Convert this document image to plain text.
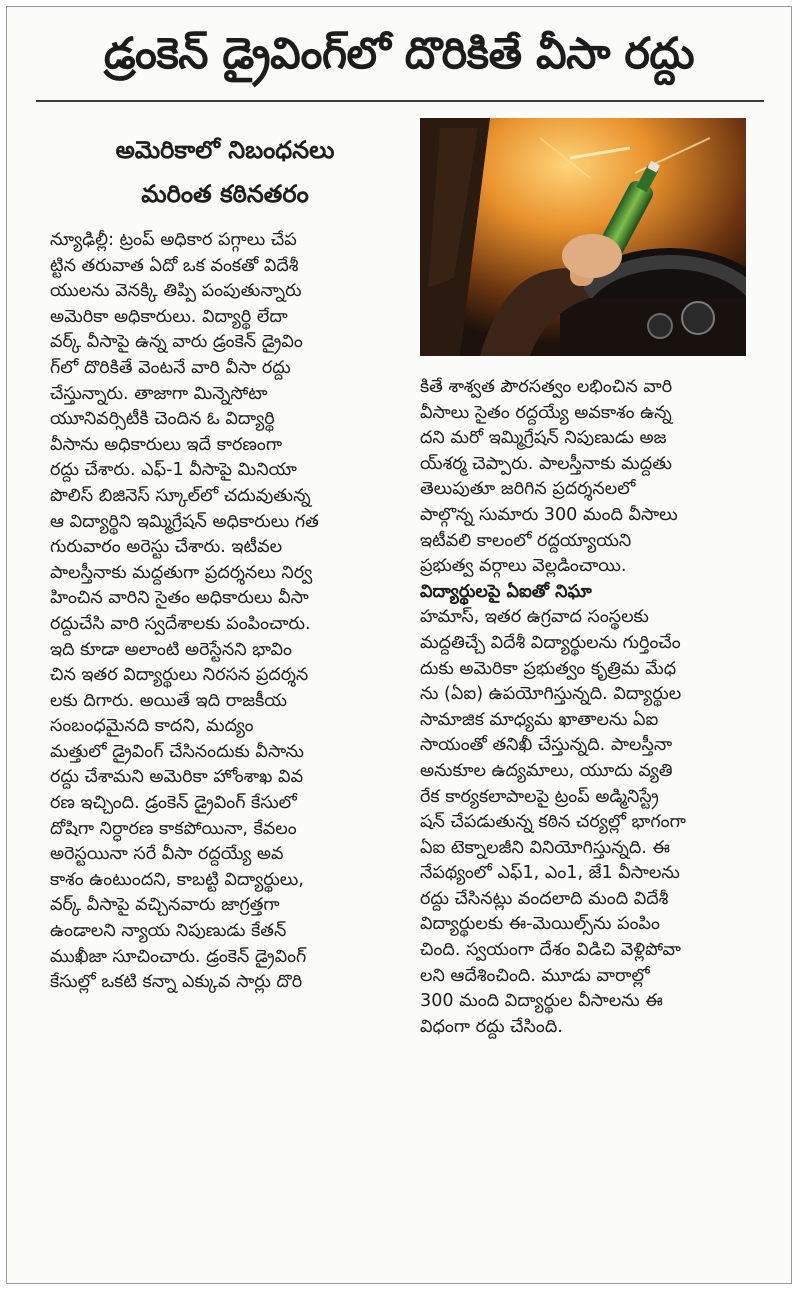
డ్రంకెన్ డ్రైవింగ్‌లో దొరికితే వీసా రద్దు
అమెరికాలో నిబంధనలు
మరింత కఠినతరం
న్యూఢిల్లీ: ట్రంప్ అధికార పగ్గాలు చేప
ట్టిన తరువాత ఏదో ఒక వంకతో విదేశీ
యులను వెనక్కి తిప్పి పంపుతున్నారు
అమెరికా అధికారులు. విద్యార్థి లేదా
వర్క్ వీసాపై ఉన్న వారు డ్రంకెన్ డ్రైవిం
గ్‌లో దొరికితే వెంటనే వారి వీసా రద్దు
చేస్తున్నారు. తాజాగా మిన్నెసోటా
యూనివర్సిటీకి చెందిన ఓ విద్యార్థి
వీసాను అధికారులు ఇదే కారణంగా
రద్దు చేశారు. ఎఫ్-1 వీసాపై మినియా
పొలిస్ బిజినెస్ స్కూల్‌లో చదువుతున్న
ఆ విద్యార్థిని ఇమ్మిగ్రేషన్ అధికారులు గత
గురువారం అరెస్టు చేశారు. ఇటీవల
పాలస్తీనాకు మద్దతుగా ప్రదర్శనలు నిర్వ
హించిన వారిని సైతం అధికారులు వీసా
రద్దుచేసి వారి స్వదేశాలకు పంపించారు.
ఇది కూడా అలాంటి అరెస్టేనని భావిం
చిన ఇతర విద్యార్థులు నిరసన ప్రదర్శన
లకు దిగారు. అయితే ఇది రాజకీయ
సంబంధమైనది కాదని, మద్యం
మత్తులో డ్రైవింగ్ చేసినందుకు వీసాను
రద్దు చేశామని అమెరికా హోంశాఖ వివ
రణ ఇచ్చింది. డ్రంకెన్ డ్రైవింగ్ కేసులో
దోషిగా నిర్ధారణ కాకపోయినా, కేవలం
అరెస్టయినా సరే వీసా రద్దయ్యే అవ
కాశం ఉంటుందని, కాబట్టి విద్యార్థులు,
వర్క్ వీసాపై వచ్చినవారు జాగ్రత్తగా
ఉండాలని న్యాయ నిపుణుడు కేతన్
ముఖీజా సూచించారు. డ్రంకెన్ డ్రైవింగ్
కేసుల్లో ఒకటి కన్నా ఎక్కువ సార్లు దొరి
కితే శాశ్వత పౌరసత్వం లభించిన వారి
వీసాలు సైతం రద్దయ్యే అవకాశం ఉన్న
దని మరో ఇమ్మిగ్రేషన్ నిపుణుడు అజ
య్‌శర్మ చెప్పారు. పాలస్తీనాకు మద్దతు
తెలుపుతూ జరిగిన ప్రదర్శనలలో
పాల్గొన్న సుమారు 300 మంది వీసాలు
ఇటీవలి కాలంలో రద్దయ్యాయని
ప్రభుత్వ వర్గాలు వెల్లడించాయి.
విద్యార్థులపై ఏఐతో నిఘా
హమాస్, ఇతర ఉగ్రవాద సంస్థలకు
మద్దతిచ్చే విదేశీ విద్యార్థులను గుర్తించేం
దుకు అమెరికా ప్రభుత్వం కృత్రిమ మేధ
ను (ఏఐ) ఉపయోగిస్తున్నది. విద్యార్థుల
సామాజిక మాధ్యమ ఖాతాలను ఏఐ
సాయంతో తనిఖీ చేస్తున్నది. పాలస్తీనా
అనుకూల ఉద్యమాలు, యూదు వ్యతి
రేక కార్యకలాపాలపై ట్రంప్ అడ్మినిస్ట్రే
షన్ చేపడుతున్న కఠిన చర్యల్లో భాగంగా
ఏఐ టెక్నాలజీని వినియోగిస్తున్నది. ఈ
నేపథ్యంలో ఎఫ్1, ఎం1, జే1 వీసాలను
రద్దు చేసినట్లు వందలాది మంది విదేశీ
విద్యార్థులకు ఈ-మెయిల్స్‌ను పంపిం
చింది. స్వయంగా దేశం విడిచి వెళ్లిపోవా
లని ఆదేశించింది. మూడు వారాల్లో
300 మంది విద్యార్థుల వీసాలను ఈ
విధంగా రద్దు చేసింది.
